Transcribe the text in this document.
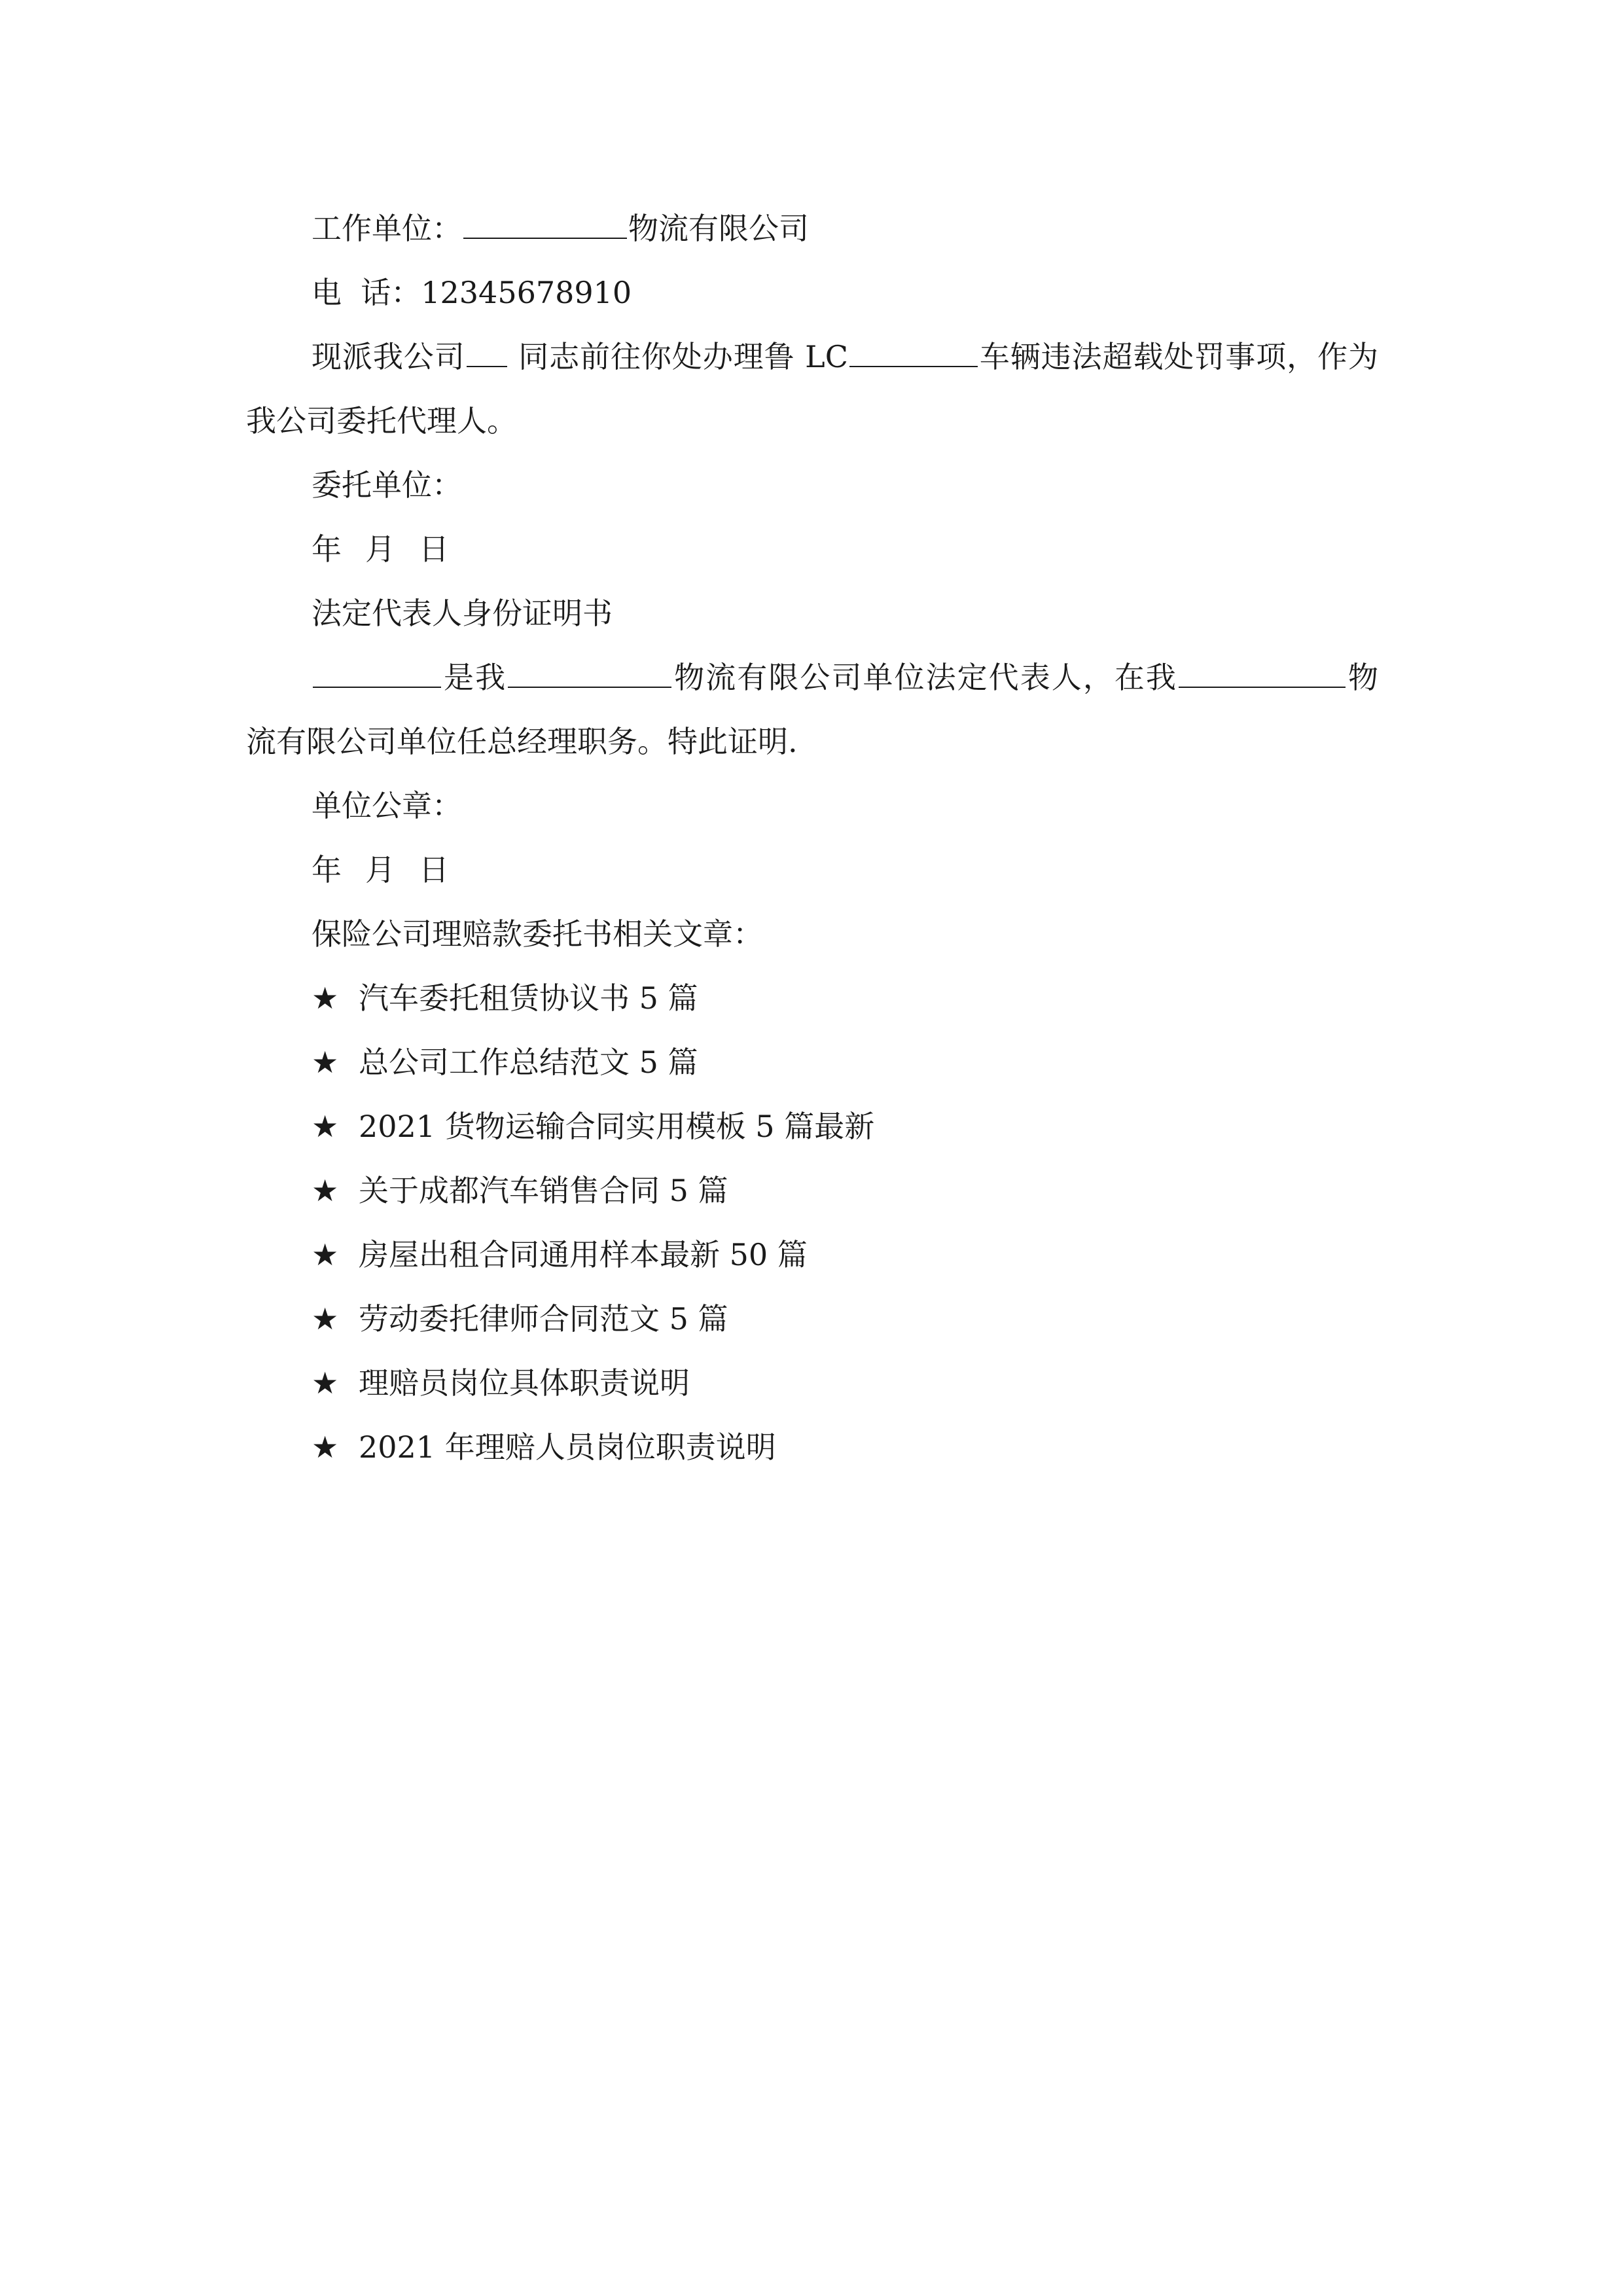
工作单位：	物流有限公司

电  话：12345678910

现派我公司 同志前往你处办理鲁 LC	车辆违法超载处罚事项，作为我公司委托代理人。

委托单位：

年 月 日

法定代表人身份证明书

是我	物流有限公司单位法定代表人，在我	物流有限公司单位任总经理职务。特此证明.

单位公章：

年 月 日

保险公司理赔款委托书相关文章：

★ 汽车委托租赁协议书 5 篇

★ 总公司工作总结范文 5 篇

★ 2021 货物运输合同实用模板 5 篇最新

★ 关于成都汽车销售合同 5 篇

★ 房屋出租合同通用样本最新 50 篇

★ 劳动委托律师合同范文 5 篇

★ 理赔员岗位具体职责说明

★ 2021 年理赔人员岗位职责说明
